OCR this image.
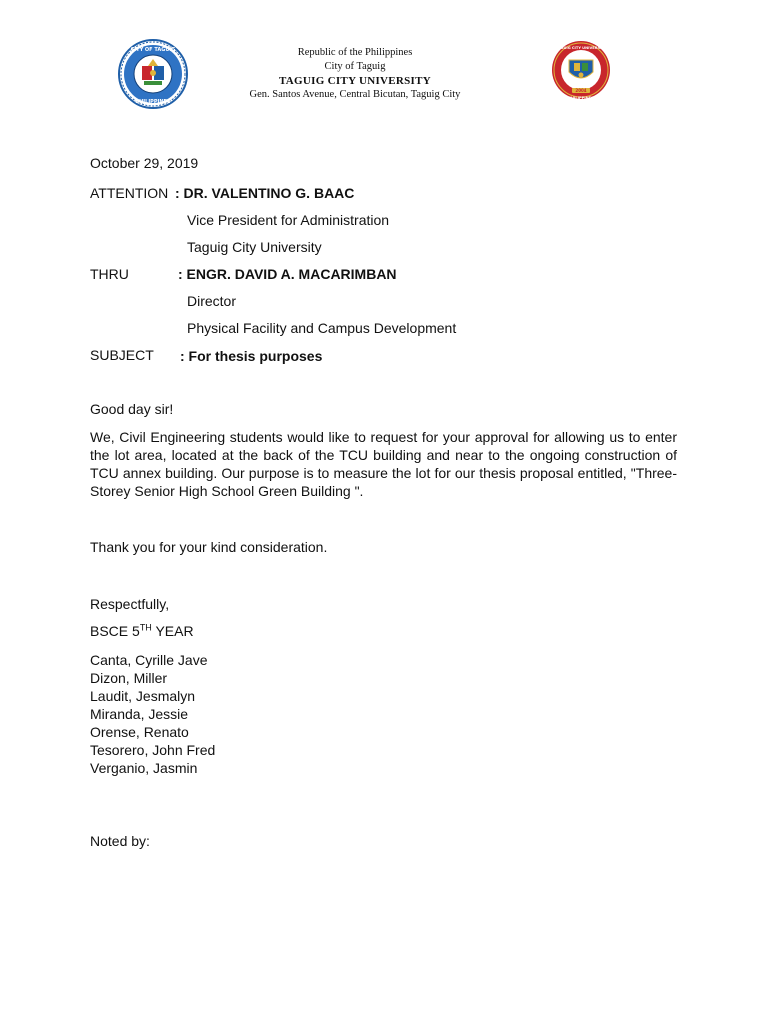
CITY OF TAGUIG
PHILIPPINES
Republic of the Philippines
City of Taguig
TAGUIG CITY UNIVERSITY
Gen. Santos Avenue, Central Bicutan, Taguig City	2004
TAGUIG CITY UNIVERSITY
PHILIPPINES
October 29, 2019
ATTENTION : DR. VALENTINO G. BAAC
Vice President for Administration
Taguig City University
THRU	: ENGR. DAVID A. MACARIMBAN
Director
Physical Facility and Campus Development
SUBJECT : For thesis purposes
Good day sir!
We, Civil Engineering students would like to request for your approval for allowing us to enter the lot area, located at the back of the TCU building and near to the ongoing construction of TCU annex building. Our purpose is to measure the lot for our thesis proposal entitled, "Three-Storey Senior High School Green Building ".
Thank you for your kind consideration.
Respectfully,
BSCE 5TH YEAR
Canta, Cyrille Jave
Dizon, Miller
Laudit, Jesmalyn
Miranda, Jessie
Orense, Renato
Tesorero, John Fred
Verganio, Jasmin
Noted by:
